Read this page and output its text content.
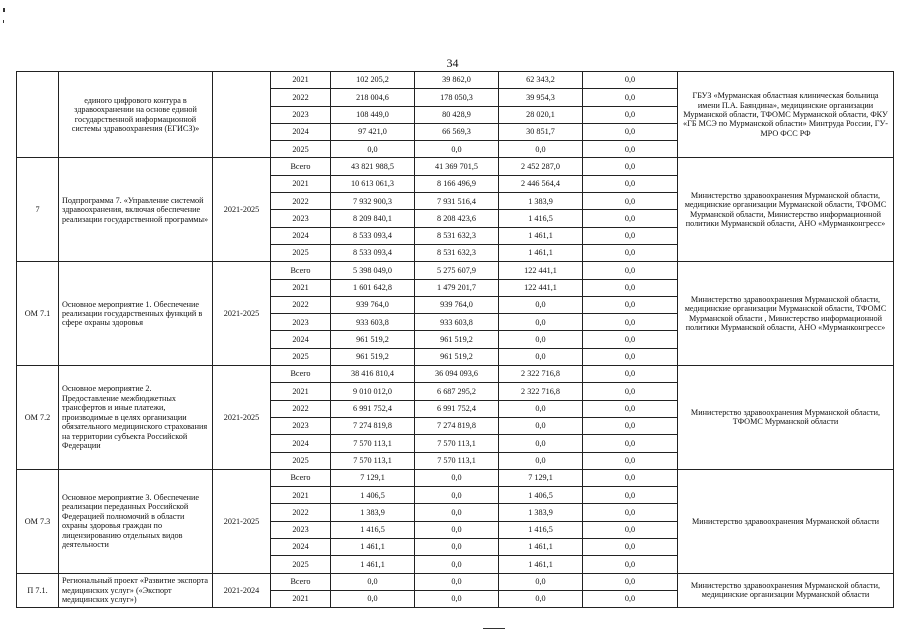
34
	единого цифрового контура в здравоохранении на основе единой государственной информационной системы здравоохранения (ЕГИСЗ)»		2021	102 205,2	39 862,0	62 343,2	0,0	ГБУЗ «Мурманская областная клиническая больница имени П.А. Баяндина», медицинские организации Мурманской области, ТФОМС Мурманской области, ФКУ «ГБ МСЭ по Мурманской области» Минтруда России, ГУ-МРО ФСС РФ
			2022	218 004,6	178 050,3	39 954,3	0,0	
			2023	108 449,0	80 428,9	28 020,1	0,0	
			2024	97 421,0	66 569,3	30 851,7	0,0	
			2025	0,0	0,0	0,0	0,0	
7	Подпрограмма 7. «Управление системой здравоохранения, включая обеспечение реализации государственной программы»	2021-2025	Всего	43 821 988,5	41 369 701,5	2 452 287,0	0,0	Министерство здравоохранения Мурманской области, медицинские организации Мурманской области, ТФОМС Мурманской области, Министерство информационной политики Мурманской области, АНО «Мурманконгресс»
			2021	10 613 061,3	8 166 496,9	2 446 564,4	0,0	
			2022	7 932 900,3	7 931 516,4	1 383,9	0,0	
			2023	8 209 840,1	8 208 423,6	1 416,5	0,0	
			2024	8 533 093,4	8 531 632,3	1 461,1	0,0	
			2025	8 533 093,4	8 531 632,3	1 461,1	0,0	
ОМ 7.1	Основное мероприятие 1. Обеспечение реализации государственных функций в сфере охраны здоровья	2021-2025	Всего	5 398 049,0	5 275 607,9	122 441,1	0,0	Министерство здравоохранения Мурманской области, медицинские организации Мурманской области, ТФОМС Мурманской области , Министерство информационной политики Мурманской области, АНО «Мурманконгресс»
			2021	1 601 642,8	1 479 201,7	122 441,1	0,0	
			2022	939 764,0	939 764,0	0,0	0,0	
			2023	933 603,8	933 603,8	0,0	0,0	
			2024	961 519,2	961 519,2	0,0	0,0	
			2025	961 519,2	961 519,2	0,0	0,0	
ОМ 7.2	Основное мероприятие 2. Предоставление межбюджетных трансфертов и иные платежи, производимые в целях организации обязательного медицинского страхования на территории субъекта Российской Федерации	2021-2025	Всего	38 416 810,4	36 094 093,6	2 322 716,8	0,0	Министерство здравоохранения Мурманской области, ТФОМС Мурманской области
			2021	9 010 012,0	6 687 295,2	2 322 716,8	0,0	
			2022	6 991 752,4	6 991 752,4	0,0	0,0	
			2023	7 274 819,8	7 274 819,8	0,0	0,0	
			2024	7 570 113,1	7 570 113,1	0,0	0,0	
			2025	7 570 113,1	7 570 113,1	0,0	0,0	
ОМ 7.3	Основное мероприятие 3. Обеспечение реализации переданных Российской Федерацией полномочий в области охраны здоровья граждан по лицензированию отдельных видов деятельности	2021-2025	Всего	7 129,1	0,0	7 129,1	0,0	Министерство здравоохранения Мурманской области
			2021	1 406,5	0,0	1 406,5	0,0	
			2022	1 383,9	0,0	1 383,9	0,0	
			2023	1 416,5	0,0	1 416,5	0,0	
			2024	1 461,1	0,0	1 461,1	0,0	
			2025	1 461,1	0,0	1 461,1	0,0	
П 7.1.	Региональный проект «Развитие экспорта медицинских услуг» («Экспорт медицинских услуг»)	2021-2024	Всего	0,0	0,0	0,0	0,0	Министерство здравоохранения Мурманской области, медицинские организации Мурманской области
			2021	0,0	0,0	0,0	0,0	
